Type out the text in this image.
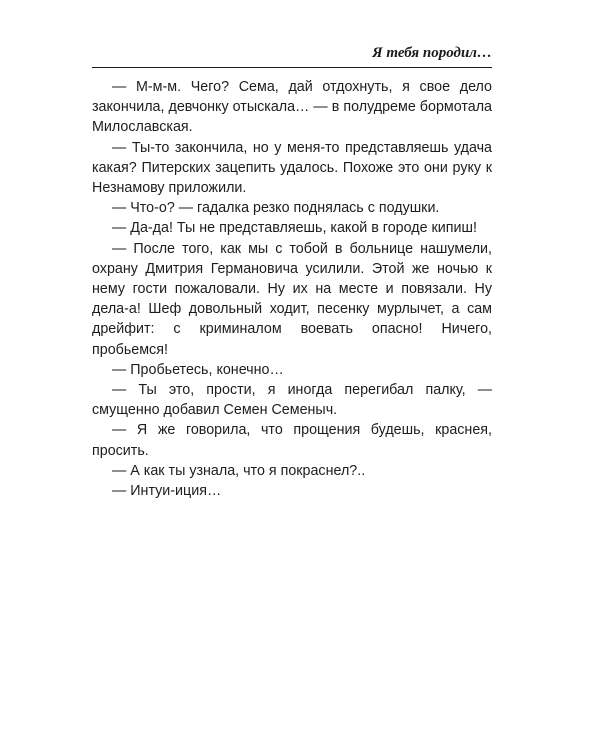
Я тебя породил…

— М-м-м. Чего? Сема, дай отдохнуть, я свое дело закончила, девчонку отыскала… — в полудреме бормотала Милославская.

— Ты-то закончила, но у меня-то представляешь удача какая? Питерских зацепить удалось. Похоже это они руку к Незнамову приложили.

— Что-о? — гадалка резко поднялась с подушки.

— Да-да! Ты не представляешь, какой в городе кипиш!

— После того, как мы с тобой в больнице нашумели, охрану Дмитрия Германовича усилили. Этой же ночью к нему гости пожаловали. Ну их на месте и повязали. Ну дела-а! Шеф довольный ходит, песенку мурлычет, а сам дрейфит: с криминалом воевать опасно! Ничего, пробьемся!

— Пробьетесь, конечно…

— Ты это, прости, я иногда перегибал палку, — смущенно добавил Семен Семеныч.

— Я же говорила, что прощения будешь, краснея, просить.

— А как ты узнала, что я покраснел?..

— Интуи-иция…
